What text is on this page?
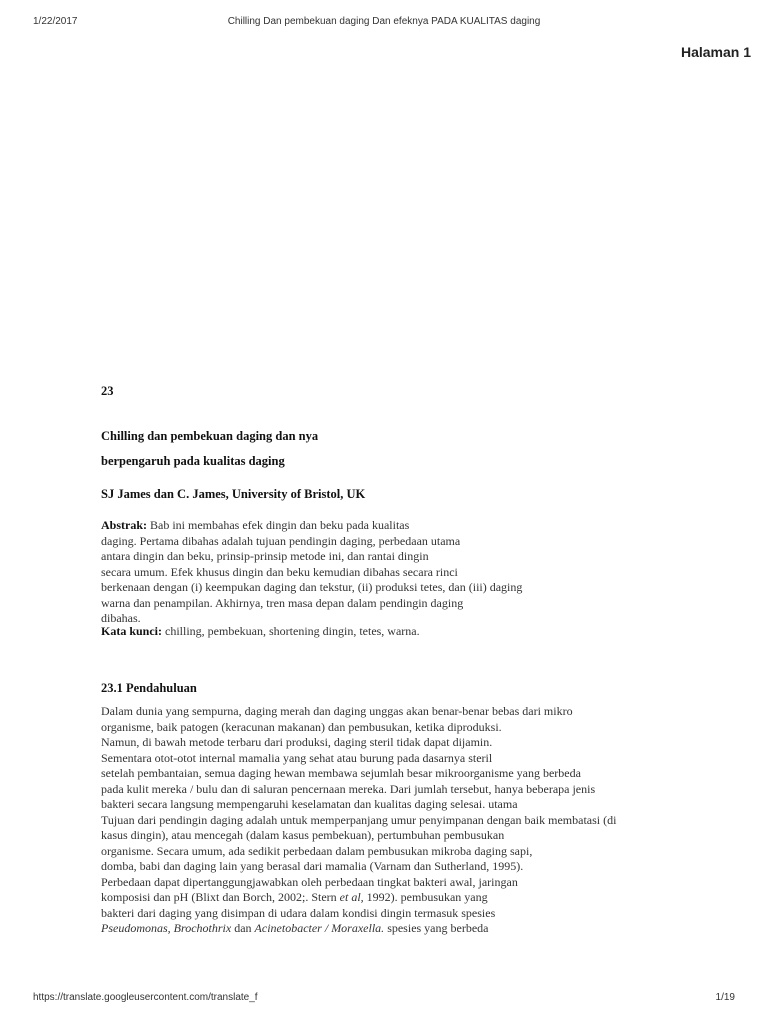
1/22/2017	Chilling Dan pembekuan daging Dan efeknya PADA KUALITAS daging
Halaman 1
23
Chilling dan pembekuan daging dan nya
berpengaruh pada kualitas daging
SJ James dan C. James, University of Bristol, UK
Abstrak: Bab ini membahas efek dingin dan beku pada kualitas
daging. Pertama dibahas adalah tujuan pendingin daging, perbedaan utama
antara dingin dan beku, prinsip-prinsip metode ini, dan rantai dingin
secara umum. Efek khusus dingin dan beku kemudian dibahas secara rinci
berkenaan dengan (i) keempukan daging dan tekstur, (ii) produksi tetes, dan (iii) daging
warna dan penampilan. Akhirnya, tren masa depan dalam pendingin daging
dibahas.
Kata kunci: chilling, pembekuan, shortening dingin, tetes, warna.
23.1 Pendahuluan
Dalam dunia yang sempurna, daging merah dan daging unggas akan benar-benar bebas dari mikro
organisme, baik patogen (keracunan makanan) dan pembusukan, ketika diproduksi.
Namun, di bawah metode terbaru dari produksi, daging steril tidak dapat dijamin.
Sementara otot-otot internal mamalia yang sehat atau burung pada dasarnya steril
setelah pembantaian, semua daging hewan membawa sejumlah besar mikroorganisme yang berbeda
pada kulit mereka / bulu dan di saluran pencernaan mereka. Dari jumlah tersebut, hanya beberapa jenis
bakteri secara langsung mempengaruhi keselamatan dan kualitas daging selesai. utama
Tujuan dari pendingin daging adalah untuk memperpanjang umur penyimpanan dengan baik membatasi (di
kasus dingin), atau mencegah (dalam kasus pembekuan), pertumbuhan pembusukan
organisme. Secara umum, ada sedikit perbedaan dalam pembusukan mikroba daging sapi,
domba, babi dan daging lain yang berasal dari mamalia (Varnam dan Sutherland, 1995).
Perbedaan dapat dipertanggungjawabkan oleh perbedaan tingkat bakteri awal, jaringan
komposisi dan pH (Blixt dan Borch, 2002;. Stern et al, 1992). pembusukan yang
bakteri dari daging yang disimpan di udara dalam kondisi dingin termasuk spesies
Pseudomonas, Brochothrix dan Acinetobacter / Moraxella. spesies yang berbeda
https://translate.googleusercontent.com/translate_f	1/19
